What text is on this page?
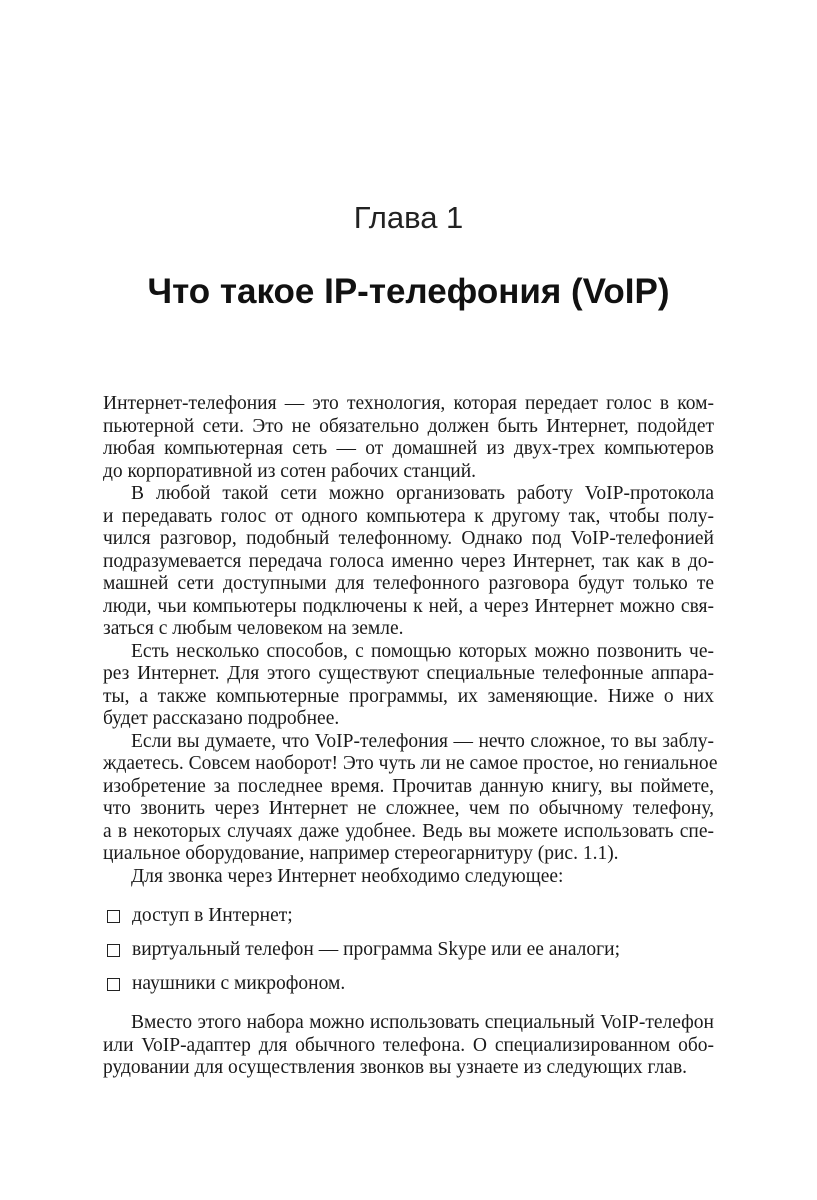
Глава 1
Что такое IP-телефония (VoIP)
Интернет-телефония — это технология, которая передает голос в ком-
пьютерной сети. Это не обязательно должен быть Интернет, подойдет
любая компьютерная сеть — от домашней из двух-трех компьютеров
до корпоративной из сотен рабочих станций.
В любой такой сети можно организовать работу VoIP-протокола
и передавать голос от одного компьютера к другому так, чтобы полу-
чился разговор, подобный телефонному. Однако под VoIP-телефонией
подразумевается передача голоса именно через Интернет, так как в до-
машней сети доступными для телефонного разговора будут только те
люди, чьи компьютеры подключены к ней, а через Интернет можно свя-
заться с любым человеком на земле.
Есть несколько способов, с помощью которых можно позвонить че-
рез Интернет. Для этого существуют специальные телефонные аппара-
ты, а также компьютерные программы, их заменяющие. Ниже о них
будет рассказано подробнее.
Если вы думаете, что VoIP-телефония — нечто сложное, то вы заблу-
ждаетесь. Совсем наоборот! Это чуть ли не самое простое, но гениальное
изобретение за последнее время. Прочитав данную книгу, вы поймете,
что звонить через Интернет не сложнее, чем по обычному телефону,
а в некоторых случаях даже удобнее. Ведь вы можете использовать спе-
циальное оборудование, например стереогарнитуру (рис. 1.1).
Для звонка через Интернет необходимо следующее:
доступ в Интернет;
виртуальный телефон — программа Skype или ее аналоги;
наушники с микрофоном.
Вместо этого набора можно использовать специальный VoIP-телефон
или VoIP-адаптер для обычного телефона. О специализированном обо-
рудовании для осуществления звонков вы узнаете из следующих глав.
